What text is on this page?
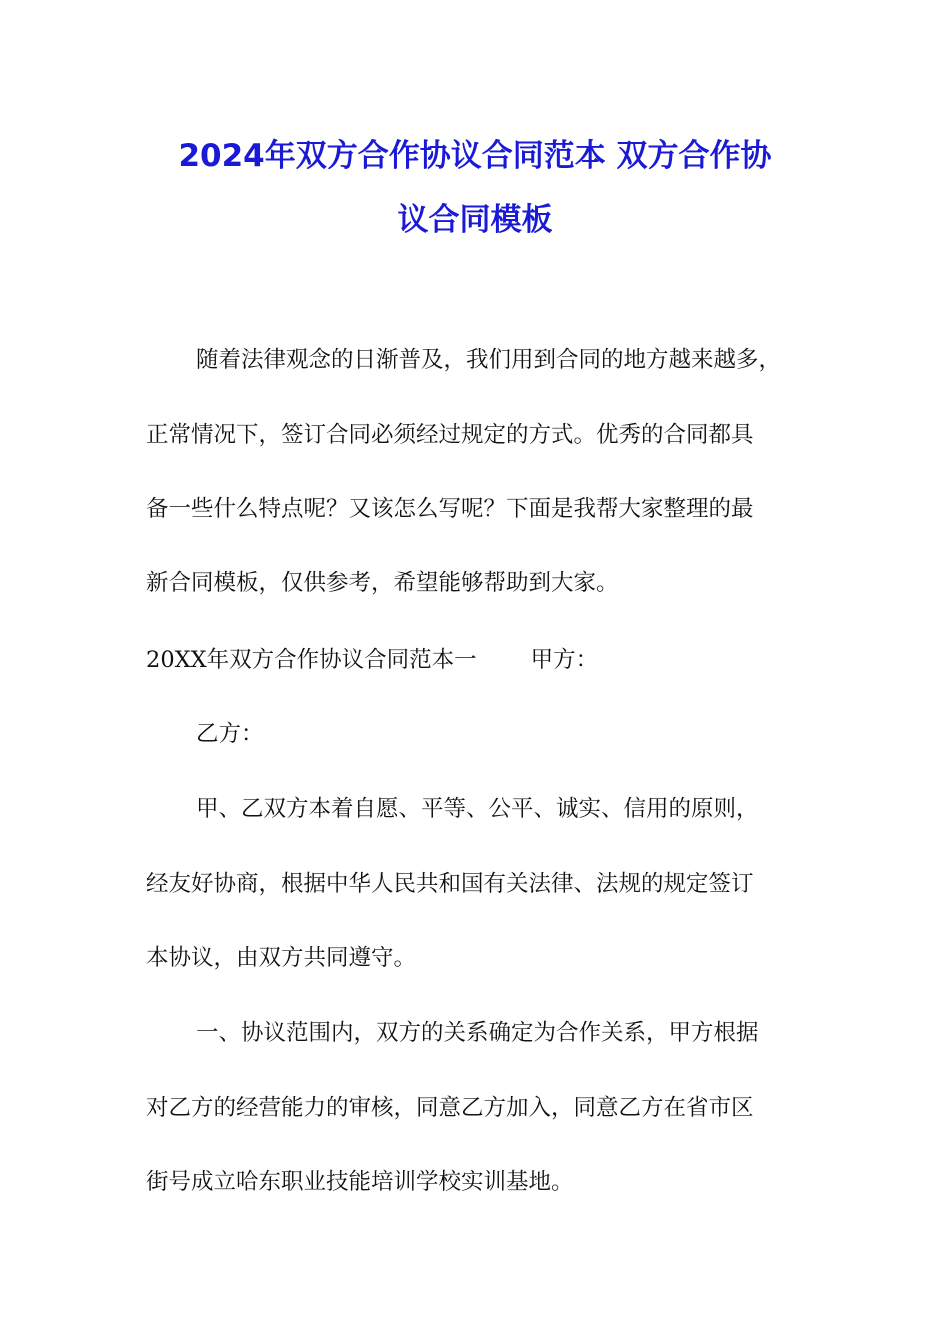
2024年双方合作协议合同范本 双方合作协
议合同模板

随着法律观念的日渐普及，我们用到合同的地方越来越多，

正常情况下，签订合同必须经过规定的方式。优秀的合同都具

备一些什么特点呢？又该怎么写呢？下面是我帮大家整理的最

新合同模板，仅供参考，希望能够帮助到大家。

20XX年双方合作协议合同范本一 甲方：

乙方：

甲、乙双方本着自愿、平等、公平、诚实、信用的原则，

经友好协商，根据中华人民共和国有关法律、法规的规定签订

本协议，由双方共同遵守。

一、协议范围内，双方的关系确定为合作关系，甲方根据

对乙方的经营能力的审核，同意乙方加入，同意乙方在省市区

街号成立哈东职业技能培训学校实训基地。
